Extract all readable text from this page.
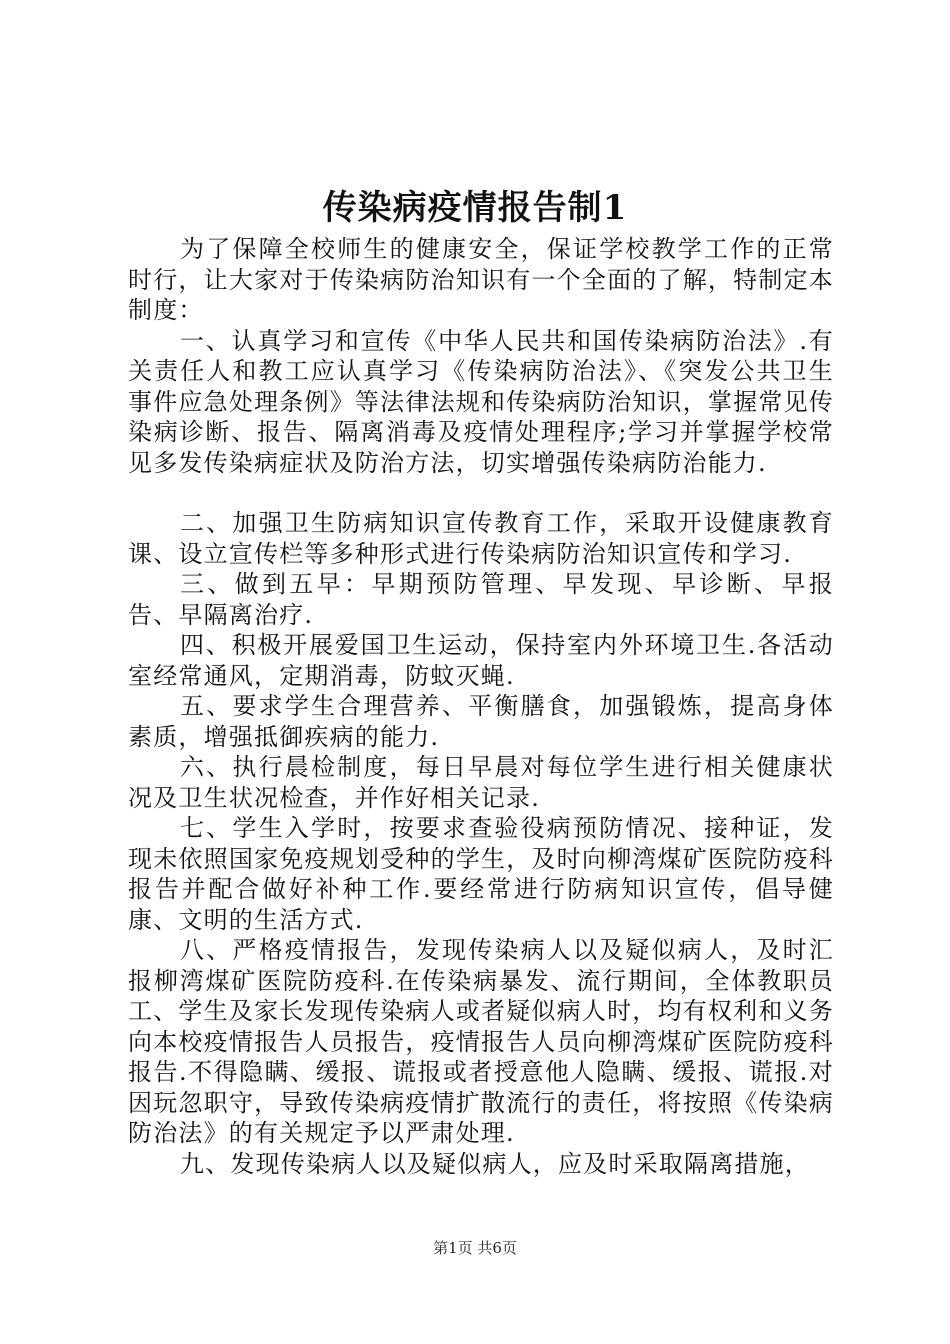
传染病疫情报告制1

为了保障全校师生的健康安全，保证学校教学工作的正常时行，让大家对于传染病防治知识有一个全面的了解，特制定本制度：

一、认真学习和宣传《中华人民共和国传染病防治法》.有关责任人和教工应认真学习《传染病防治法》、《突发公共卫生事件应急处理条例》等法律法规和传染病防治知识，掌握常见传染病诊断、报告、隔离消毒及疫情处理程序;学习并掌握学校常见多发传染病症状及防治方法，切实增强传染病防治能力.

二、加强卫生防病知识宣传教育工作，采取开设健康教育课、设立宣传栏等多种形式进行传染病防治知识宣传和学习.

三、做到五早：早期预防管理、早发现、早诊断、早报告、早隔离治疗.

四、积极开展爱国卫生运动，保持室内外环境卫生.各活动室经常通风，定期消毒，防蚊灭蝇.

五、要求学生合理营养、平衡膳食，加强锻炼，提高身体素质，增强抵御疾病的能力.

六、执行晨检制度，每日早晨对每位学生进行相关健康状况及卫生状况检查，并作好相关记录.

七、学生入学时，按要求查验役病预防情况、接种证，发现未依照国家免疫规划受种的学生，及时向柳湾煤矿医院防疫科报告并配合做好补种工作.要经常进行防病知识宣传，倡导健康、文明的生活方式.

八、严格疫情报告，发现传染病人以及疑似病人，及时汇报柳湾煤矿医院防疫科.在传染病暴发、流行期间，全体教职员工、学生及家长发现传染病人或者疑似病人时，均有权利和义务向本校疫情报告人员报告，疫情报告人员向柳湾煤矿医院防疫科报告.不得隐瞒、缓报、谎报或者授意他人隐瞒、缓报、谎报.对因玩忽职守，导致传染病疫情扩散流行的责任，将按照《传染病防治法》的有关规定予以严肃处理.

九、发现传染病人以及疑似病人，应及时采取隔离措施，

第1页 共6页
